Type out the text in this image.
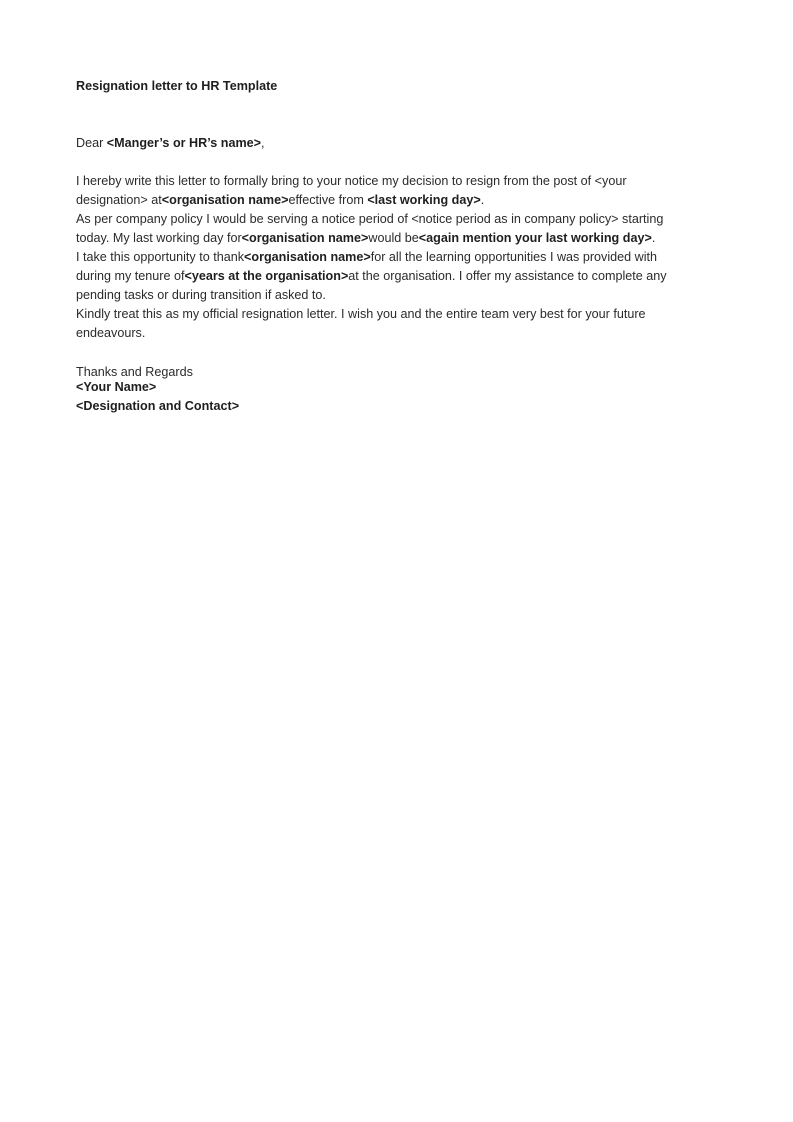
Resignation letter to HR Template
Dear <Manger’s or HR’s name>,
I hereby write this letter to formally bring to your notice my decision to resign from the post of <your
designation> at<organisation name>effective from <last working day>.
As per company policy I would be serving a notice period of <notice period as in company policy> starting
today. My last working day for<organisation name>would be<again mention your last working day>.
I take this opportunity to thank<organisation name>for all the learning opportunities I was provided with
during my tenure of<years at the organisation>at the organisation. I offer my assistance to complete any
pending tasks or during transition if asked to.
Kindly treat this as my official resignation letter. I wish you and the entire team very best for your future
endeavours.
Thanks and Regards
<Your Name>
<Designation and Contact>
